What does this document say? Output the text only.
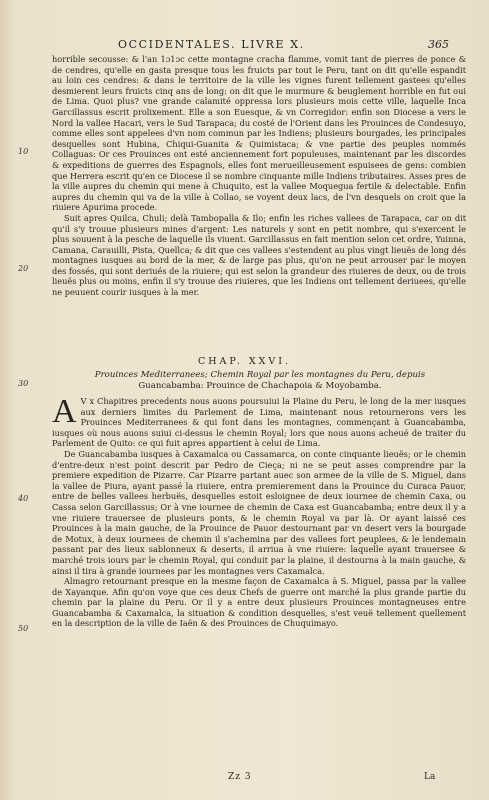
OCCIDENTALES. LIVRE X.	365
10
20
30
40
50

horrible secousse: & l'an 1ɔ1ɔc cette montagne cracha flamme, vomit tant de pierres de ponce & de cendres, qu'elle en gasta presque tous les fruicts par tout le Peru, tant on dit qu'elle espandit au loin ces cendres: & dans le territoire de la ville les vignes furent tellement gastees qu'elles desmierent leurs fruicts cinq ans de long: on dit que le murmure & beuglement horrible en fut oui de Lima. Quoi plus? vne grande calamité oppressa lors plusieurs mois cette ville, laquelle Inca Garcillassus escrit prolixement. Elle a son Euesque, & vn Corregidor: enfin son Diocese a vers le Nord la vallee Hacari, vers le Sud Tarapaca; du costé de l'Orient dans les Prouinces de Condesuyo, comme elles sont appelees d'vn nom commun par les Indiens; plusieurs bourgades, les principales desquelles sont Hubina, Chiqui-Guanita & Quimistaca; & vne partie des peuples nommés Collaguas: Or ces Prouinces ont esté anciennement fort populeuses, maintenant par les discordes & expeditions de guerres des Espagnols, elles font merueilleusement espuisees de gens: combien que Herrera escrit qu'en ce Diocese il se nombre cinquante mille Indiens tributaires. Asses pres de la ville aupres du chemin qui mene à Chuquito, est la vallee Moquegua fertile & delectable. Enfin aupres du chemin qui va de la ville à Collao, se voyent deux lacs, de l'vn desquels on croit que la riuiere Apurima procede.

Suit apres Quilca, Chuli; delà Tambopalla & Ilo; enfin les riches vallees de Tarapaca, car on dit qu'il s'y trouue plusieurs mines d'argent: Les naturels y sont en petit nombre, qui s'exercent le plus souuent à la pesche de laquelle ils viuent. Garcillassus en fait mention selon cet ordre, Yuinna, Camana, Carauilli, Pista, Quellca; & dit que ces vallees s'estendent au plus vingt lieuës de long dés montagnes iusques au bord de la mer, & de large pas plus, qu'on ne peut arrouser par le moyen des fossés, qui sont deriués de la riuiere; qui est selon la grandeur des riuieres de deux, ou de trois lieuës plus ou moins, enfin il s'y trouue des riuieres, que les Indiens ont tellement deriuees, qu'elle ne peuuent courir iusques à la mer.

CHAP. XXVI.
Prouinces Mediterranees; Chemin Royal par les montagnes du Peru, depuis
Guancabamba: Prouince de Chachapoia & Moyobamba.

A V x Chapitres precedents nous auons poursuiui la Plaine du Peru, le long de la mer iusques aux derniers limites du Parlement de Lima, maintenant nous retournerons vers les Prouinces Mediterranees & qui font dans les montagnes, commençant à Guancabamba, iusques où nous auons suiui ci-dessus le chemin Royal; lors que nous auons acheué de traiter du Parlement de Quito: ce qui fuit apres appartient à celui de Lima.

De Guancabamba iusques à Caxamalca ou Cassamarca, on conte cinquante lieuës; or le chemin d'entre-deux n'est point descrit par Pedro de Cieça; ni ne se peut asses comprendre par la premiere expedition de Pizarre. Car Pizarre partant auec son armee de la ville de S. Miguel, dans la vallee de Piura, ayant passé la riuiere, entra premierement dans la Prouince du Curaca Pauor, entre de belles vallees herbuës, desquelles estoit esloignee de deux iournee de chemin Caxa, ou Cassa selon Garcillassus; Or à vne iournee de chemin de Caxa est Guancabamba; entre deux il y a vne riuiere trauersee de plusieurs ponts, & le chemin Royal va par là. Or ayant laissé ces Prouinces à la main gauche, de la Prouince de Pauor destournant par vn desert vers la bourgade de Motux, à deux iournees de chemin il s'achemina par des vallees fort peuplees, & le lendemain passant par des lieux sablonneux & deserts, il arriua à vne riuiere: laquelle ayant trauersee & marché trois iours par le chemin Royal, qui conduit par la plaine, il destourna à la main gauche, & ainsi il tira à grande iournees par les montagnes vers Caxamalca.

Almagro retournant presque en la mesme façon de Caxamalca à S. Miguel, passa par la vallee de Xayanque. Afin qu'on voye que ces deux Chefs de guerre ont marché la plus grande partie du chemin par la plaine du Peru. Or il y a entre deux plusieurs Prouinces montagneuses entre Guancabamba & Caxamalca, la situation & condition desquelles, s'est veuë tellement quellement en la description de la ville de Iaën & des Prouinces de Chuquimayo.

Zz 3	La
